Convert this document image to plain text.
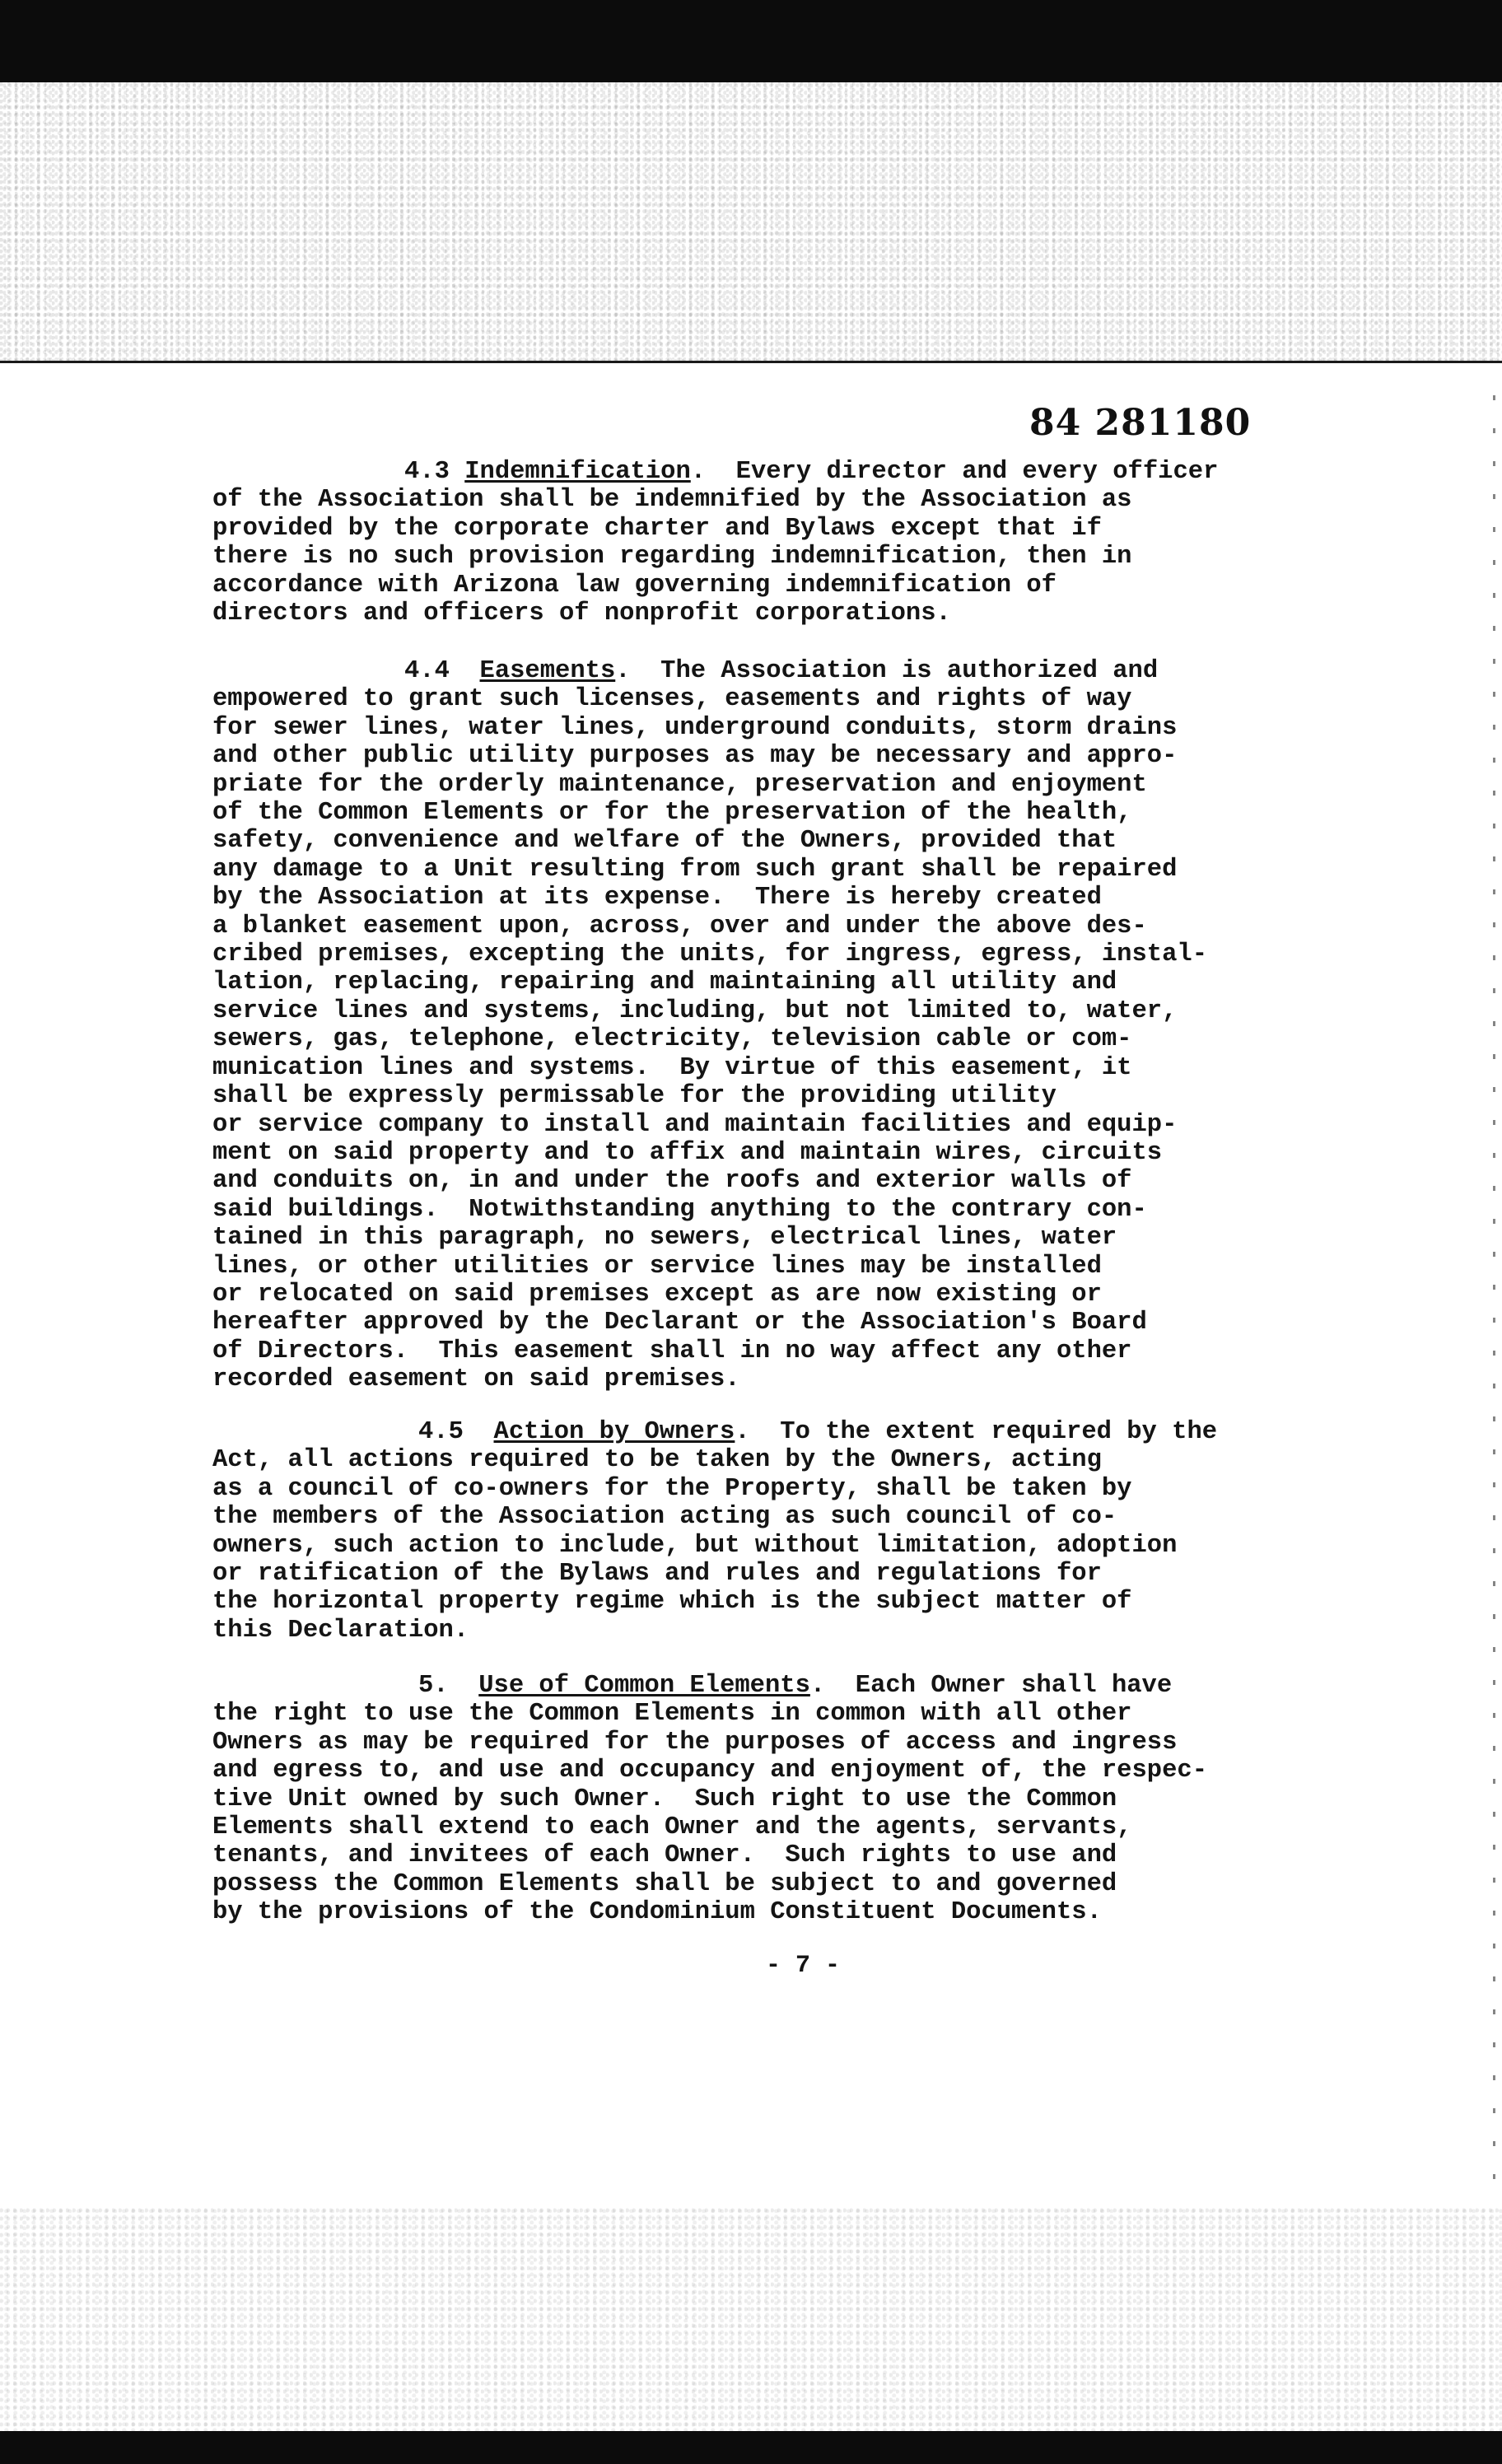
84 281180
4.3 Indemnification.  Every director and every officer
of the Association shall be indemnified by the Association as
provided by the corporate charter and Bylaws except that if
there is no such provision regarding indemnification, then in
accordance with Arizona law governing indemnification of
directors and officers of nonprofit corporations.
4.4  Easements.  The Association is authorized and
empowered to grant such licenses, easements and rights of way
for sewer lines, water lines, underground conduits, storm drains
and other public utility purposes as may be necessary and appro-
priate for the orderly maintenance, preservation and enjoyment
of the Common Elements or for the preservation of the health,
safety, convenience and welfare of the Owners, provided that
any damage to a Unit resulting from such grant shall be repaired
by the Association at its expense.  There is hereby created
a blanket easement upon, across, over and under the above des-
cribed premises, excepting the units, for ingress, egress, instal-
lation, replacing, repairing and maintaining all utility and
service lines and systems, including, but not limited to, water,
sewers, gas, telephone, electricity, television cable or com-
munication lines and systems.  By virtue of this easement, it
shall be expressly permissable for the providing utility
or service company to install and maintain facilities and equip-
ment on said property and to affix and maintain wires, circuits
and conduits on, in and under the roofs and exterior walls of
said buildings.  Notwithstanding anything to the contrary con-
tained in this paragraph, no sewers, electrical lines, water
lines, or other utilities or service lines may be installed
or relocated on said premises except as are now existing or
hereafter approved by the Declarant or the Association's Board
of Directors.  This easement shall in no way affect any other
recorded easement on said premises.
4.5  Action by Owners.  To the extent required by the
Act, all actions required to be taken by the Owners, acting
as a council of co-owners for the Property, shall be taken by
the members of the Association acting as such council of co-
owners, such action to include, but without limitation, adoption
or ratification of the Bylaws and rules and regulations for
the horizontal property regime which is the subject matter of
this Declaration.
5.  Use of Common Elements.  Each Owner shall have
the right to use the Common Elements in common with all other
Owners as may be required for the purposes of access and ingress
and egress to, and use and occupancy and enjoyment of, the respec-
tive Unit owned by such Owner.  Such right to use the Common
Elements shall extend to each Owner and the agents, servants,
tenants, and invitees of each Owner.  Such rights to use and
possess the Common Elements shall be subject to and governed
by the provisions of the Condominium Constituent Documents.
- 7 -
